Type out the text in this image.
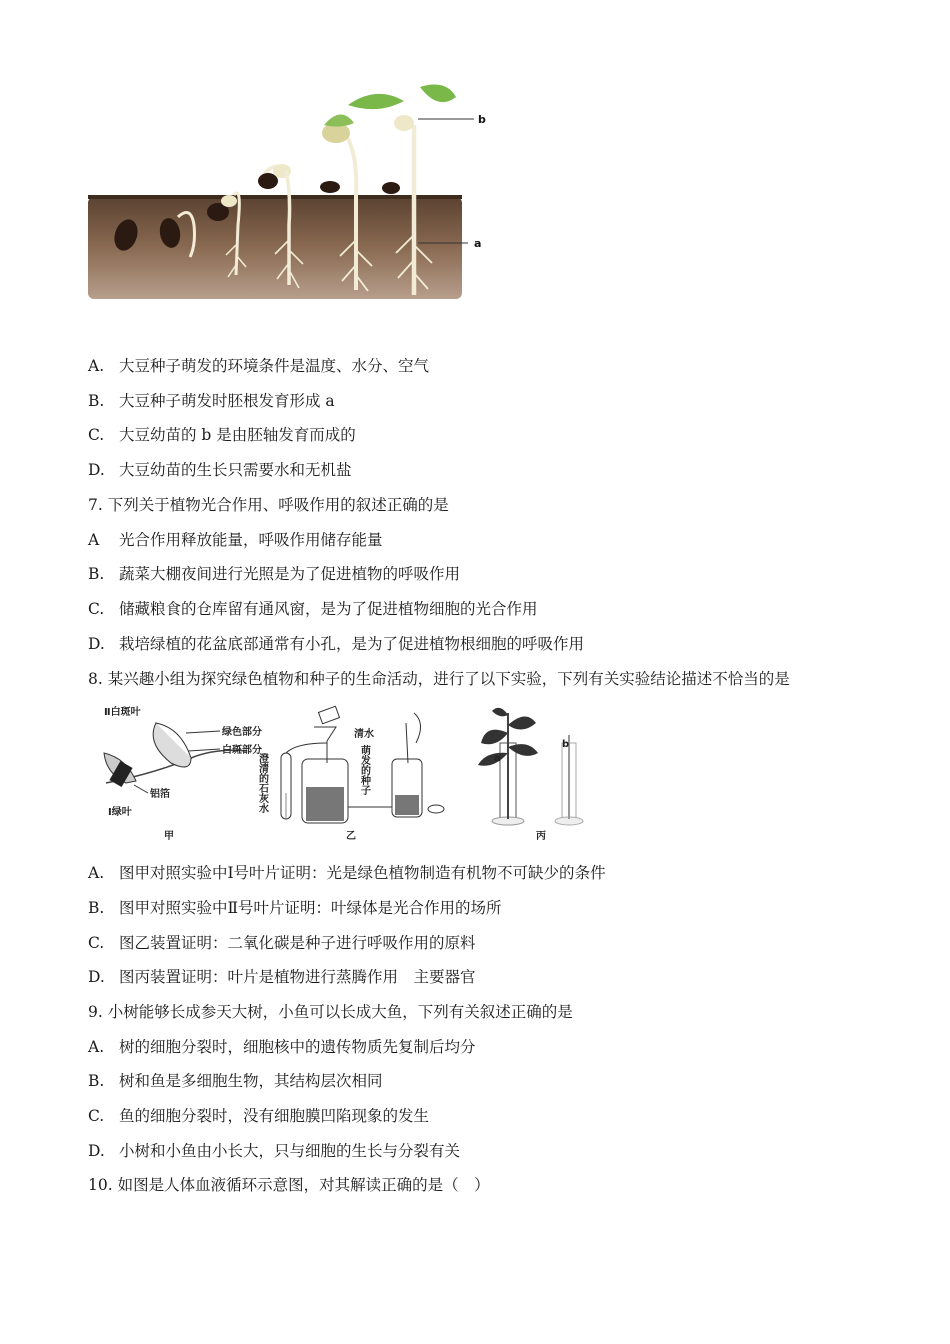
b
a
A. 大豆种子萌发的环境条件是温度、水分、空气
B. 大豆种子萌发时胚根发育形成 a
C. 大豆幼苗的 b 是由胚轴发育而成的
D. 大豆幼苗的生长只需要水和无机盐
7. 下列关于植物光合作用、呼吸作用的叙述正确的是
A 光合作用释放能量，呼吸作用储存能量
B. 蔬菜大棚夜间进行光照是为了促进植物的呼吸作用
C. 储藏粮食的仓库留有通风窗，是为了促进植物细胞的光合作用
D. 栽培绿植的花盆底部通常有小孔，是为了促进植物根细胞的呼吸作用
8. 某兴趣小组为探究绿色植物和种子的生命活动，进行了以下实验，下列有关实验结论描述不恰当的是
Ⅱ白斑叶
绿色部分
白斑部分
铝箔
Ⅰ绿叶
甲
清水
澄清的石灰水	萌发的种子
乙
a
b
丙
A. 图甲对照实验中Ⅰ号叶片证明：光是绿色植物制造有机物不可缺少的条件
B. 图甲对照实验中Ⅱ号叶片证明：叶绿体是光合作用的场所
C. 图乙装置证明：二氧化碳是种子进行呼吸作用的原料
D. 图丙装置证明：叶片是植物进行蒸腾作用　主要器官
9. 小树能够长成参天大树，小鱼可以长成大鱼，下列有关叙述正确的是
A. 树的细胞分裂时，细胞核中的遗传物质先复制后均分
B. 树和鱼是多细胞生物，其结构层次相同
C. 鱼的细胞分裂时，没有细胞膜凹陷现象的发生
D. 小树和小鱼由小长大，只与细胞的生长与分裂有关
10. 如图是人体血液循环示意图，对其解读正确的是（　）
